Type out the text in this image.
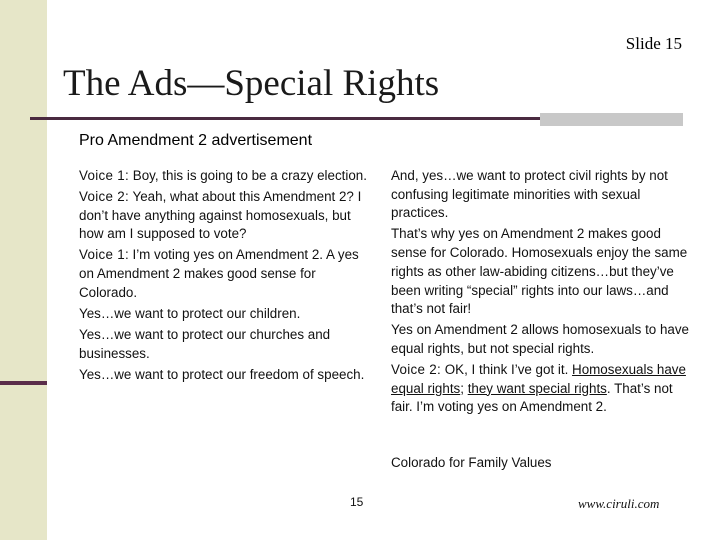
Slide 15
The Ads—Special Rights
Pro Amendment 2 advertisement

Voice 1: Boy, this is going to be a crazy election.

Voice 2: Yeah, what about this Amendment 2? I don’t have anything against homosexuals, but how am I supposed to vote?

Voice 1: I’m voting yes on Amendment 2. A yes on Amendment 2 makes good sense for Colorado.

Yes…we want to protect our children.

Yes…we want to protect our churches and businesses.

Yes…we want to protect our freedom of speech.

And, yes…we want to protect civil rights by not confusing legitimate minorities with sexual practices.

That’s why yes on Amendment 2 makes good sense for Colorado. Homosexuals enjoy the same rights as other law-abiding citizens…but they’ve been writing “special” rights into our laws…and that’s not fair!

Yes on Amendment 2 allows homosexuals to have equal rights, but not special rights.

Voice 2: OK, I think I’ve got it. Homosexuals have equal rights; they want special rights. That’s not fair. I’m voting yes on Amendment 2.

Colorado for Family Values
15	www.ciruli.com
